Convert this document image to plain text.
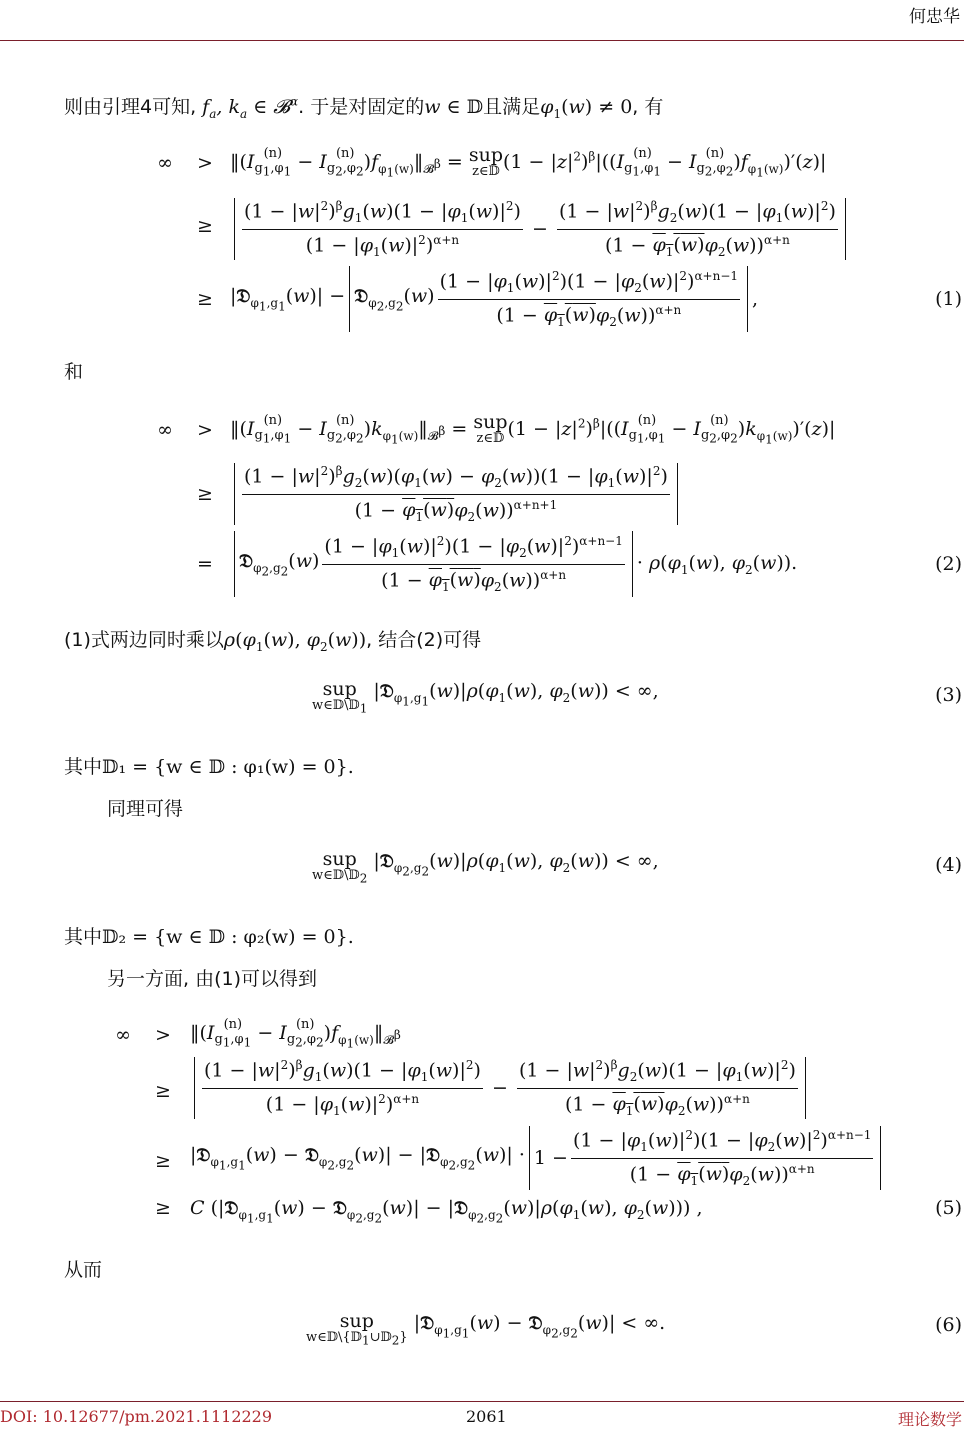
何忠华
则由引理4可知, $f_a$, $k_a$ ∈ 𝓑$^\alpha$. 于是对固定的w ∈ 𝔻且满足$\varphi_1(w) \ne 0$, 有
∞	> ‖(I (n)
$g_1,\varphi_1 - I$ (n)
$g_2,\varphi_2$ )$f_{\varphi_1(w)}‖_{𝓑^\beta}$ = sup
z∈𝔻 $(1 - |z|^2)^\beta|((I$ (n)
$g_1,\varphi_1 - I$ (n)
$g_2,\varphi_2$ )$f_{\varphi_1(w)})'(z)|$
≥	$\frac{(1 - |w|^2)^\beta g_1(w)(1 - |\varphi_1(w)|^2)}{(1 - |\varphi_1(w)|^2)^{\alpha+n}} - \frac{(1 - |w|^2)^\beta g_2(w)(1 - |\varphi_1(w)|^2)}{(1 - \varphi_1(w)\varphi_2(w))^{\alpha+n}}$
≥ |𝔇$_{\varphi_1,g_1}$(w)| − 𝔇$_{\varphi_2,g_2}$(w) $\frac{(1 - |\varphi_1(w)|^2)(1 - |\varphi_2(w)|^2)^{\alpha+n-1}}{(1 - \varphi_1(w)\varphi_2(w))^{\alpha+n}}$ ,	(1)
和
∞	> ‖(I (n)
$g_1,\varphi_1 - I$ (n)
$g_2,\varphi_2$ )$k_{\varphi_1(w)}‖_{𝓑^\beta}$ = sup
z∈𝔻 $(1 - |z|^2)^\beta|((I$ (n)
$g_1,\varphi_1 - I$ (n)
$g_2,\varphi_2$ )$k_{\varphi_1(w)})'(z)|$
≥	$\frac{(1 - |w|^2)^\beta g_2(w)(\varphi_1(w) - \varphi_2(w))(1 - |\varphi_1(w)|^2)}{(1 - \varphi_1(w)\varphi_2(w))^{\alpha+n+1}}$
=	𝔇$_{\varphi_2,g_2}$(w) $\frac{(1 - |\varphi_1(w)|^2)(1 - |\varphi_2(w)|^2)^{\alpha+n-1}}{(1 - \varphi_1(w)\varphi_2(w))^{\alpha+n}} \cdot \rho(\varphi_1(w)$, $\varphi_2(w)$).	(2)
(1)式两边同时乘以$\rho(\varphi_1(w)$, $\varphi_2(w)$), 结合(2)可得
sup
w∈𝔻\𝔻$_1$
$|𝔇_{\varphi_1,g_1}(w)|\rho(\varphi_1(w)$, $\varphi_2(w)$) < ∞,	(3)
其中𝔻₁ = {w ∈ 𝔻 : φ₁(w) = 0}.
同理可得
sup
w∈𝔻\𝔻$_2$
$|𝔇_{\varphi_2,g_2}(w)|\rho(\varphi_1(w)$, $\varphi_2(w)$) < ∞,	(4)
其中𝔻₂ = {w ∈ 𝔻 : φ₂(w) = 0}.
另一方面, 由(1)可以得到
∞	>	‖(I (n)
$g_1,\varphi_1 - I$ (n)
$g_2,\varphi_2$ )$f_{\varphi_1(w)}‖_{𝓑^\beta}$
≥	$\frac{(1 - |w|^2)^\beta g_1(w)(1 - |\varphi_1(w)|^2)}{(1 - |\varphi_1(w)|^2)^{\alpha+n}} - \frac{(1 - |w|^2)^\beta g_2(w)(1 - |\varphi_1(w)|^2)}{(1 - \varphi_1(w)\varphi_2(w))^{\alpha+n}}$
≥	|𝔇$_{\varphi_1,g_1}$(w) − 𝔇$_{\varphi_2,g_2}$(w)| − |𝔇$_{\varphi_2,g_2}$(w)| · $1 - \frac{(1 - |\varphi_1(w)|^2)(1 - |\varphi_2(w)|^2)^{\alpha+n-1}}{(1 - \varphi_1(w)\varphi_2(w))^{\alpha+n}}$
≥	C (|𝔇$_{\varphi_1,g_1}$(w) − 𝔇$_{\varphi_2,g_2}$(w)| − $|𝔇_{\varphi_2,g_2}(w)|\rho(\varphi_1(w)$, $\varphi_2(w)$)) ,	(5)
从而
sup
w∈𝔻\{𝔻$_1$∪𝔻$_2$}
|𝔇$_{\varphi_1,g_1}$(w) − 𝔇$_{\varphi_2,g_2}$(w)| < ∞.	(6)
DOI: 10.12677/pm.2021.1112229	2061	理论数学
